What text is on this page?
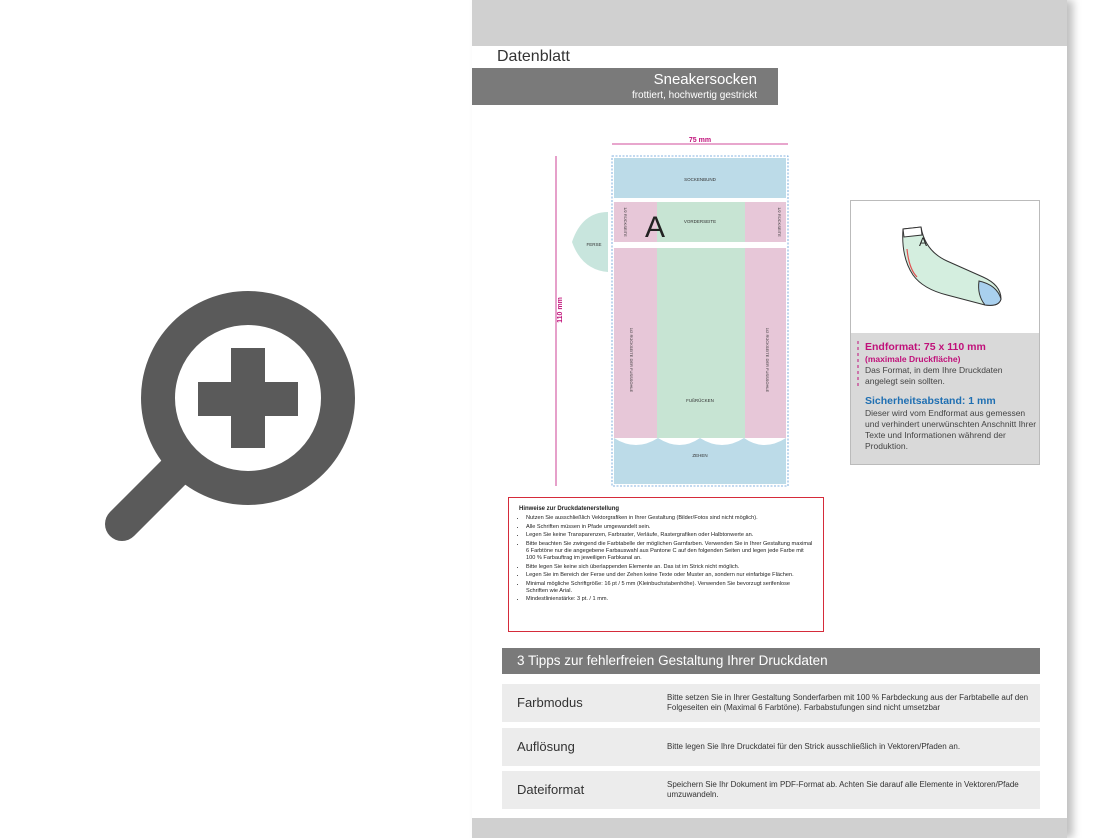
Datenblatt
Sneakersocken
frottiert, hochwertig gestrickt
75 mm
110 mm
SOCKENBUND
VORDERSEITE
A
1/2 RÜCKSEITE	1/2 RÜCKSEITE
FERSE
1/2 RÜCKSEITE DER FUSSSOHLE	1/2 RÜCKSEITE DER FUSSSOHLE
FUßRÜCKEN
ZEHEN
A
Endformat: 75 x 110 mm
(maximale Druckfläche)
Das Format, in dem Ihre Druckdaten angelegt sein sollten.
Sicherheitsabstand: 1 mm
Dieser wird vom Endformat aus gemessen und verhindert unerwünschten Anschnitt Ihrer Texte und Informationen während der Produktion.
Hinweise zur Druckdatenerstellung
• Nutzen Sie ausschließlich Vektorgrafiken in Ihrer Gestaltung (Bilder/Fotos sind nicht möglich).
• Alle Schriften müssen in Pfade umgewandelt sein.
• Legen Sie keine Transparenzen, Farbraster, Verläufe, Rastergrafiken oder Halbtonwerte an.
• Bitte beachten Sie zwingend die Farbtabelle der möglichen Garnfarben. Verwenden Sie in Ihrer Gestaltung maximal 6 Farbtöne nur die angegebene Farbauswahl aus Pantone C auf den folgenden Seiten und legen jede Farbe mit 100 % Farbauftrag im jeweiligen Farbkanal an.
• Bitte legen Sie keine sich überlappenden Elemente an. Das ist im Strick nicht möglich.
• Legen Sie im Bereich der Ferse und der Zehen keine Texte oder Muster an, sondern nur einfarbige Flächen.
• Minimal mögliche Schriftgröße: 16 pt / 5 mm (Kleinbuchstabenhöhe). Verwenden Sie bevorzugt serifenlose Schriften wie Arial.
• Mindestlinienstärke: 3 pt. / 1 mm.
3 Tipps zur fehlerfreien Gestaltung Ihrer Druckdaten
Farbmodus	Bitte setzen Sie in Ihrer Gestaltung Sonderfarben mit 100 % Farbdeckung aus der Farbtabelle auf den Folgeseiten ein (Maximal 6 Farbtöne). Farbabstufungen sind nicht umsetzbar
Auflösung	Bitte legen Sie Ihre Druckdatei für den Strick ausschließlich in Vektoren/Pfaden an.
Dateiformat	Speichern Sie Ihr Dokument im PDF-Format ab. Achten Sie darauf alle Elemente in Vektoren/Pfade umzuwandeln.
